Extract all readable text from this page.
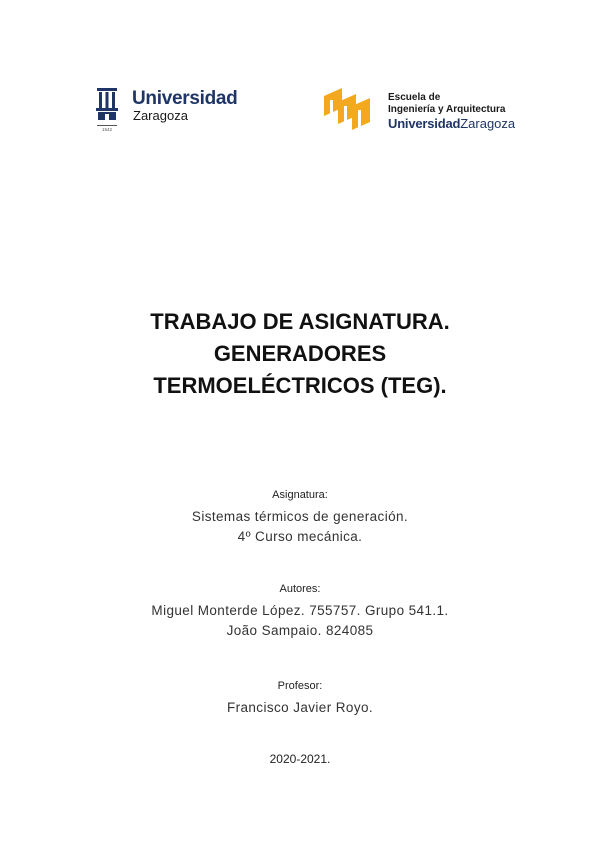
1542
Universidad
Zaragoza
Escuela de
Ingeniería y Arquitectura
UniversidadZaragoza
TRABAJO DE ASIGNATURA.
GENERADORES
TERMOELÉCTRICOS (TEG).
Asignatura:
Sistemas térmicos de generación.
4º Curso mecánica.
Autores:
Miguel Monterde López. 755757. Grupo 541.1.
João Sampaio. 824085
Profesor:
Francisco Javier Royo.
2020-2021.
